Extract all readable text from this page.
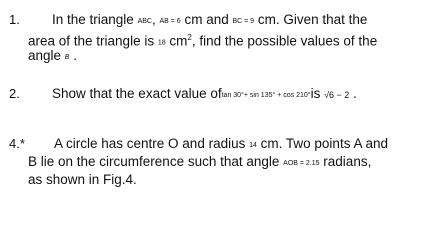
1. In the triangle ABC, AB = 6 cm and BC = 9 cm. Given that the
area of the triangle is 18 $cm^2$, find the possible values of the
angle B .
2. Show that the exact value oftan 30°+ sin 135° + cos 210°is √6 − 2 .
4.* A circle has centre O and radius 14 cm. Two points A and
B lie on the circumference such that angle AOB = 2.15 radians,
as shown in Fig.4.
